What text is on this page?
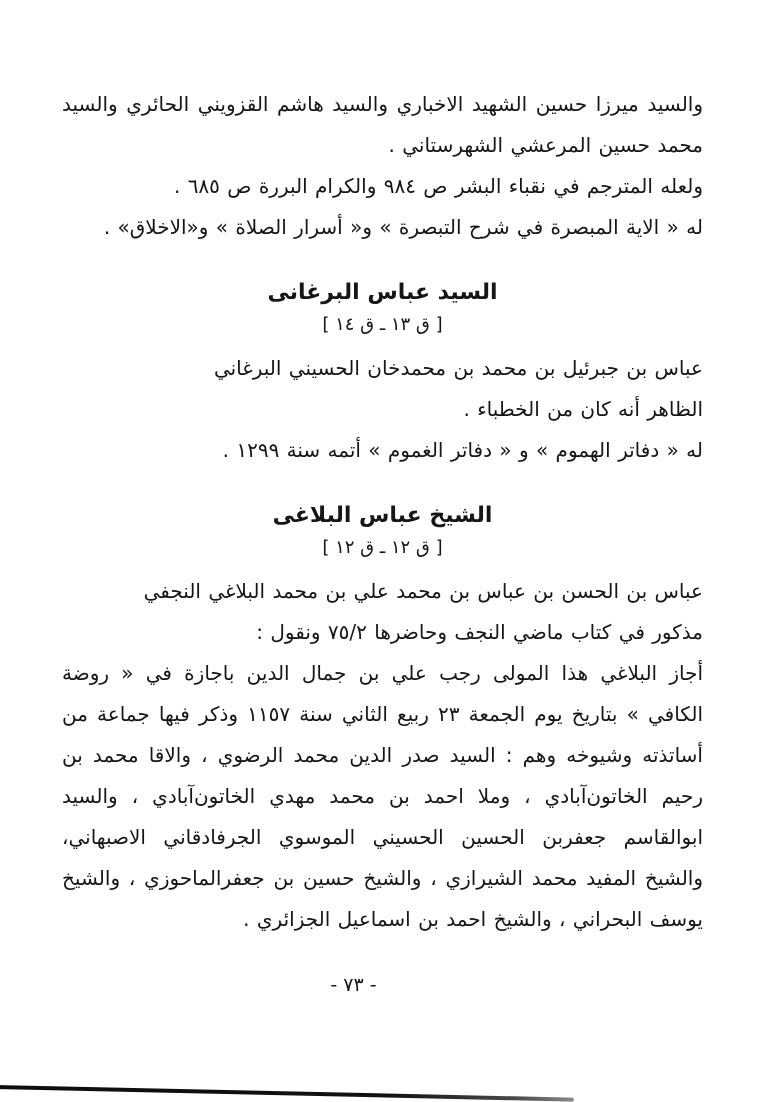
والسيد ميرزا حسين الشهيد الاخباري والسيد هاشم القزويني الحائري والسيد محمد حسين المرعشي الشهرستاني .

ولعله المترجم في نقباء البشر ص ٩٨٤ والكرام البررة ص ٦٨٥ .

له « الاية المبصرة في شرح التبصرة » و« أسرار الصلاة » و«الاخلاق» .

السيد عباس البرغانى
[ ق ١٣ ـ ق ١٤ ]

عباس بن جبرئيل بن محمد بن محمدخان الحسيني البرغاني

الظاهر أنه كان من الخطباء .

له « دفاتر الهموم » و « دفاتر الغموم » أتمه سنة ١٢٩٩ .

الشيخ عباس البلاغى
[ ق ١٢ ـ ق ١٢ ]

عباس بن الحسن بن عباس بن محمد علي بن محمد البلاغي النجفي

مذكور في كتاب ماضي النجف وحاضرها ٧٥/٢ ونقول :

أجاز البلاغي هذا المولى رجب علي بن جمال الدين باجازة في « روضة الكافي » بتاريخ يوم الجمعة ٢٣ ربيع الثاني سنة ١١٥٧ وذكر فيها جماعة من أساتذته وشيوخه وهم : السيد صدر الدين محمد الرضوي ، والاقا محمد بن رحيم الخاتون‌آبادي ، وملا احمد بن محمد مهدي الخاتون‌آبادي ، والسيد ابوالقاسم جعفربن الحسين الحسيني الموسوي الجرفادقاني الاصبهاني، والشيخ المفيد محمد الشيرازي ، والشيخ حسين بن جعفرالماحوزي ، والشيخ يوسف البحراني ، والشيخ احمد بن اسماعيل الجزائري .

- ٧٣ -
